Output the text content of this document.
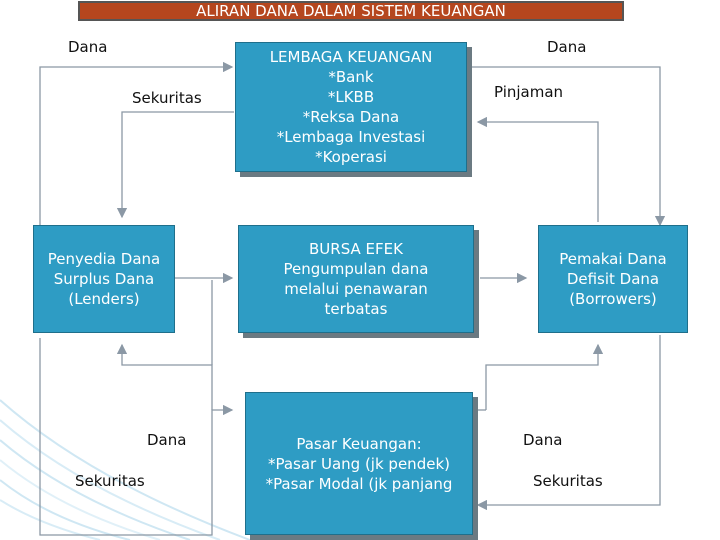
ALIRAN DANA DALAM SISTEM KEUANGAN
LEMBAGA KEUANGAN
*Bank
*LKBB
*Reksa Dana
*Lembaga Investasi
*Koperasi
Penyedia Dana
Surplus Dana
(Lenders)
BURSA EFEK
Pengumpulan dana
melalui penawaran
terbatas
Pemakai Dana
Defisit Dana
(Borrowers)
Pasar Keuangan:
*Pasar Uang (jk pendek)
*Pasar Modal (jk panjang
Dana
Sekuritas
Dana
Pinjaman
Dana
Sekuritas
Dana
Sekuritas
